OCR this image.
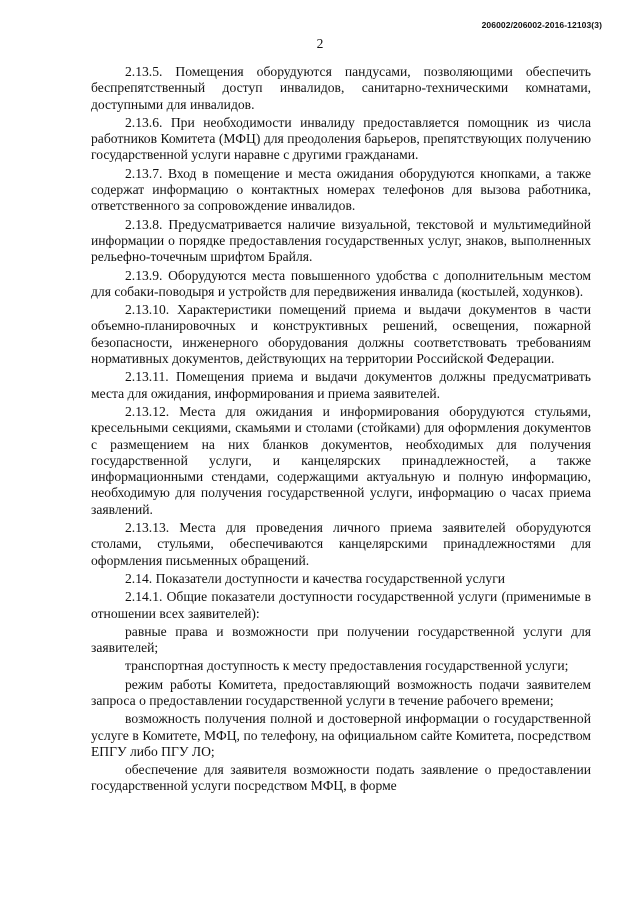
206002/206002-2016-12103(3)
2

2.13.5. Помещения оборудуются пандусами, позволяющими обеспечить беспрепятственный доступ инвалидов, санитарно-техническими комнатами, доступными для инвалидов.

2.13.6. При необходимости инвалиду предоставляется помощник из числа работников Комитета (МФЦ) для преодоления барьеров, препятствующих получению государственной услуги наравне с другими гражданами.

2.13.7. Вход в помещение и места ожидания оборудуются кнопками, а также содержат информацию о контактных номерах телефонов для вызова работника, ответственного за сопровождение инвалидов.

2.13.8. Предусматривается наличие визуальной, текстовой и мультимедийной информации о порядке предоставления государственных услуг, знаков, выполненных рельефно-точечным шрифтом Брайля.

2.13.9. Оборудуются места повышенного удобства с дополнительным местом для собаки-поводыря и устройств для передвижения инвалида (костылей, ходунков).

2.13.10. Характеристики помещений приема и выдачи документов в части объемно-планировочных и конструктивных решений, освещения, пожарной безопасности, инженерного оборудования должны соответствовать требованиям нормативных документов, действующих на территории Российской Федерации.

2.13.11. Помещения приема и выдачи документов должны предусматривать места для ожидания, информирования и приема заявителей.

2.13.12. Места для ожидания и информирования оборудуются стульями, кресельными секциями, скамьями и столами (стойками) для оформления документов с размещением на них бланков документов, необходимых для получения государственной услуги, и канцелярских принадлежностей, а также информационными стендами, содержащими актуальную и полную информацию, необходимую для получения государственной услуги, информацию о часах приема заявлений.

2.13.13. Места для проведения личного приема заявителей оборудуются столами, стульями, обеспечиваются канцелярскими принадлежностями для оформления письменных обращений.

2.14. Показатели доступности и качества государственной услуги

2.14.1. Общие показатели доступности государственной услуги (применимые в отношении всех заявителей):

равные права и возможности при получении государственной услуги для заявителей;

транспортная доступность к месту предоставления государственной услуги;

режим работы Комитета, предоставляющий возможность подачи заявителем запроса о предоставлении государственной услуги в течение рабочего времени;

возможность получения полной и достоверной информации о государственной услуге в Комитете, МФЦ, по телефону, на официальном сайте Комитета, посредством ЕПГУ либо ПГУ ЛО;

обеспечение для заявителя возможности подать заявление о предоставлении государственной услуги посредством МФЦ, в форме
